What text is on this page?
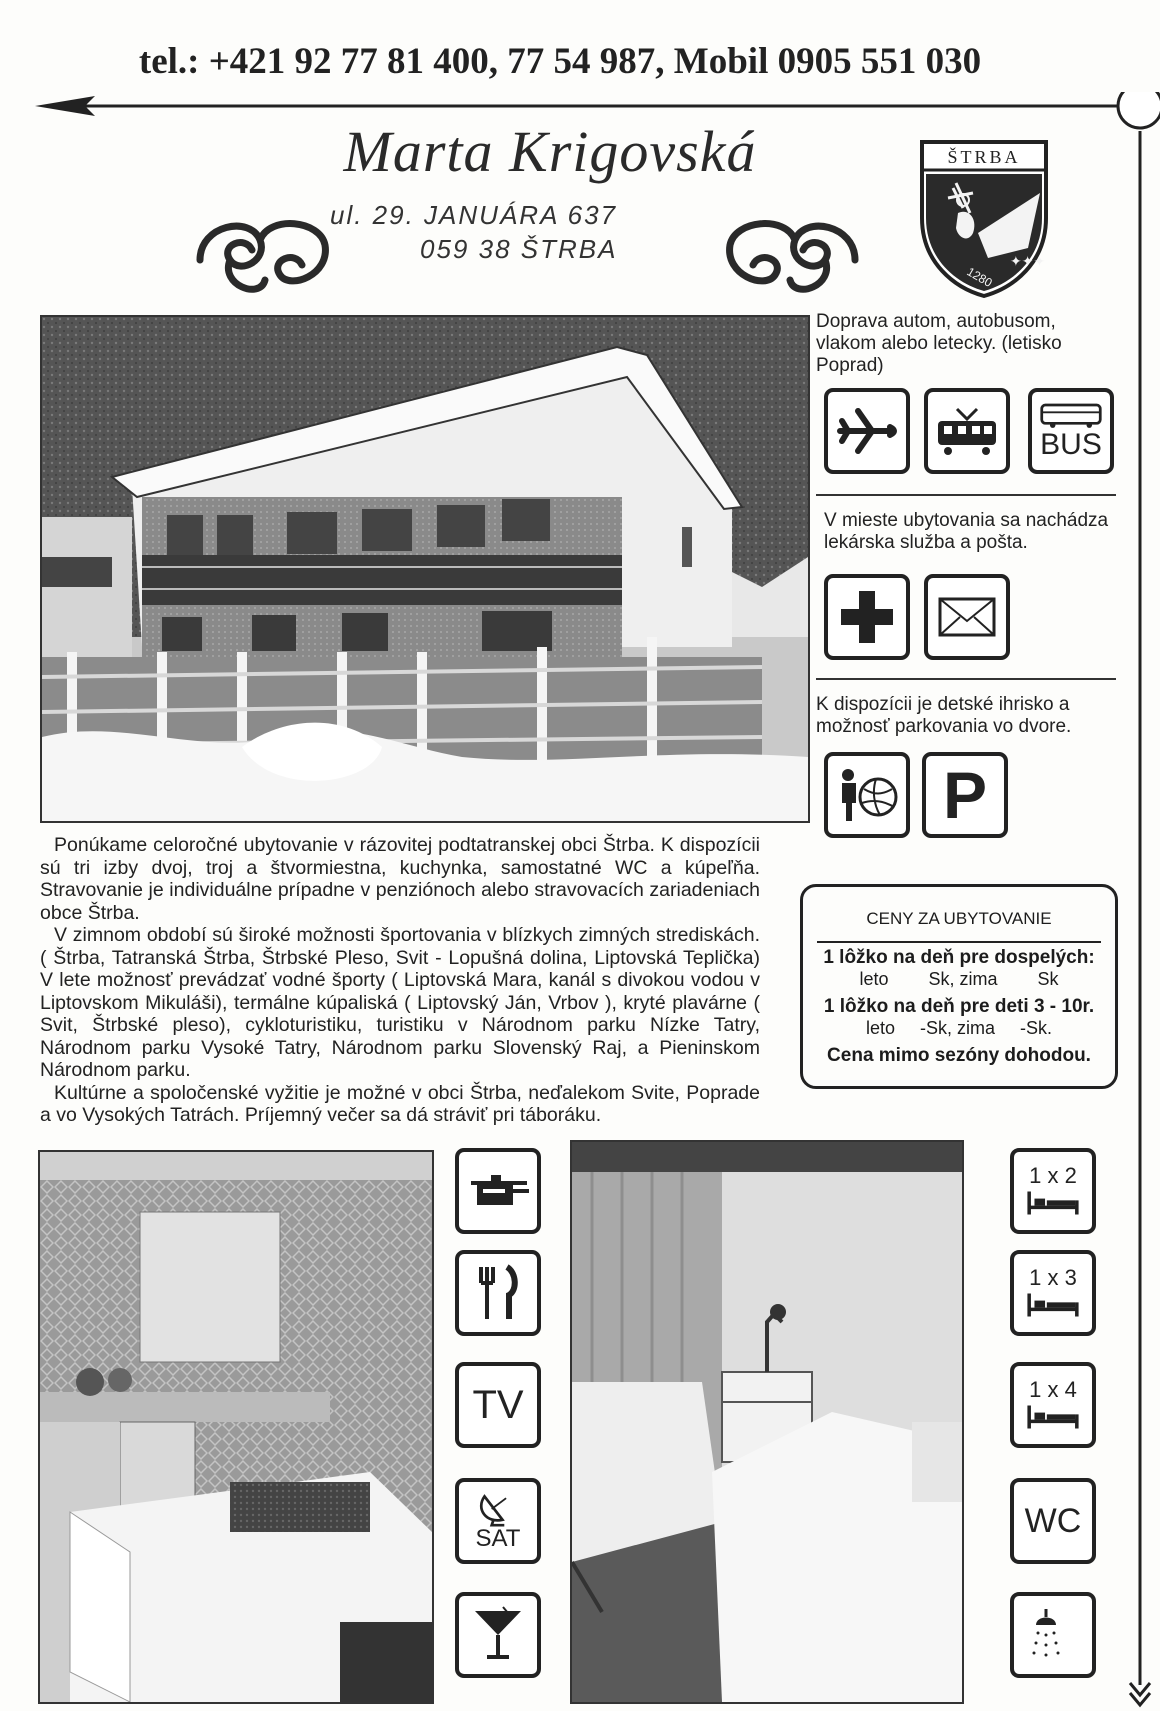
tel.: +421 92 77 81 400, 77 54 987, Mobil 0905 551 030
Marta Krigovská
ul. 29. JANUÁRA 637
059 38 ŠTRBA
ŠTRBA
1280
✦✦✦
Doprava autom, autobusom, vlakom alebo letecky. (letisko Poprad)
BUS
V mieste ubytovania sa nachádza lekárska služba a pošta.
K dispozícii je detské ihrisko a možnosť parkovania vo dvore.
P

Ponúkame celoročné ubytovanie v rázovitej podtatranskej obci Štrba. K dispozícii sú tri izby dvoj, troj a štvormiestna, kuchynka, samostatné WC a kúpeľňa. Stravovanie je individuálne prípadne v penziónoch alebo stravovacích zariadeniach obce Štrba.

V zimnom období sú široké možnosti športovania v blízkych zimných strediskách. ( Štrba, Tatranská Štrba, Štrbské Pleso, Svit - Lopušná dolina, Liptovská Teplička) V lete možnosť prevádzať vodné športy ( Liptovská Mara, kanál s divokou vodou v Liptovskom Mikuláši), termálne kúpaliská ( Liptovský Ján, Vrbov ), kryté plavárne ( Svit, Štrbské pleso), cykloturistiku, turistiku v Národnom parku Nízke Tatry, Národnom parku Vysoké Tatry, Národnom parku Slovenský Raj, a Pieninskom Národnom parku.

Kultúrne a spoločenské vyžitie je možné v obci Štrba, neďalekom Svite, Poprade a vo Vysokých Tatrách. Príjemný večer sa dá stráviť pri táboráku.

CENY ZA UBYTOVANIE
1 lôžko na deň pre dospelých:
leto        Sk, zima        Sk
1 lôžko na deň pre deti 3 - 10r.
leto     -Sk, zima     -Sk.
Cena mimo sezóny dohodou.
TV
SAT
1 x 2
1 x 3
1 x 4
WC
